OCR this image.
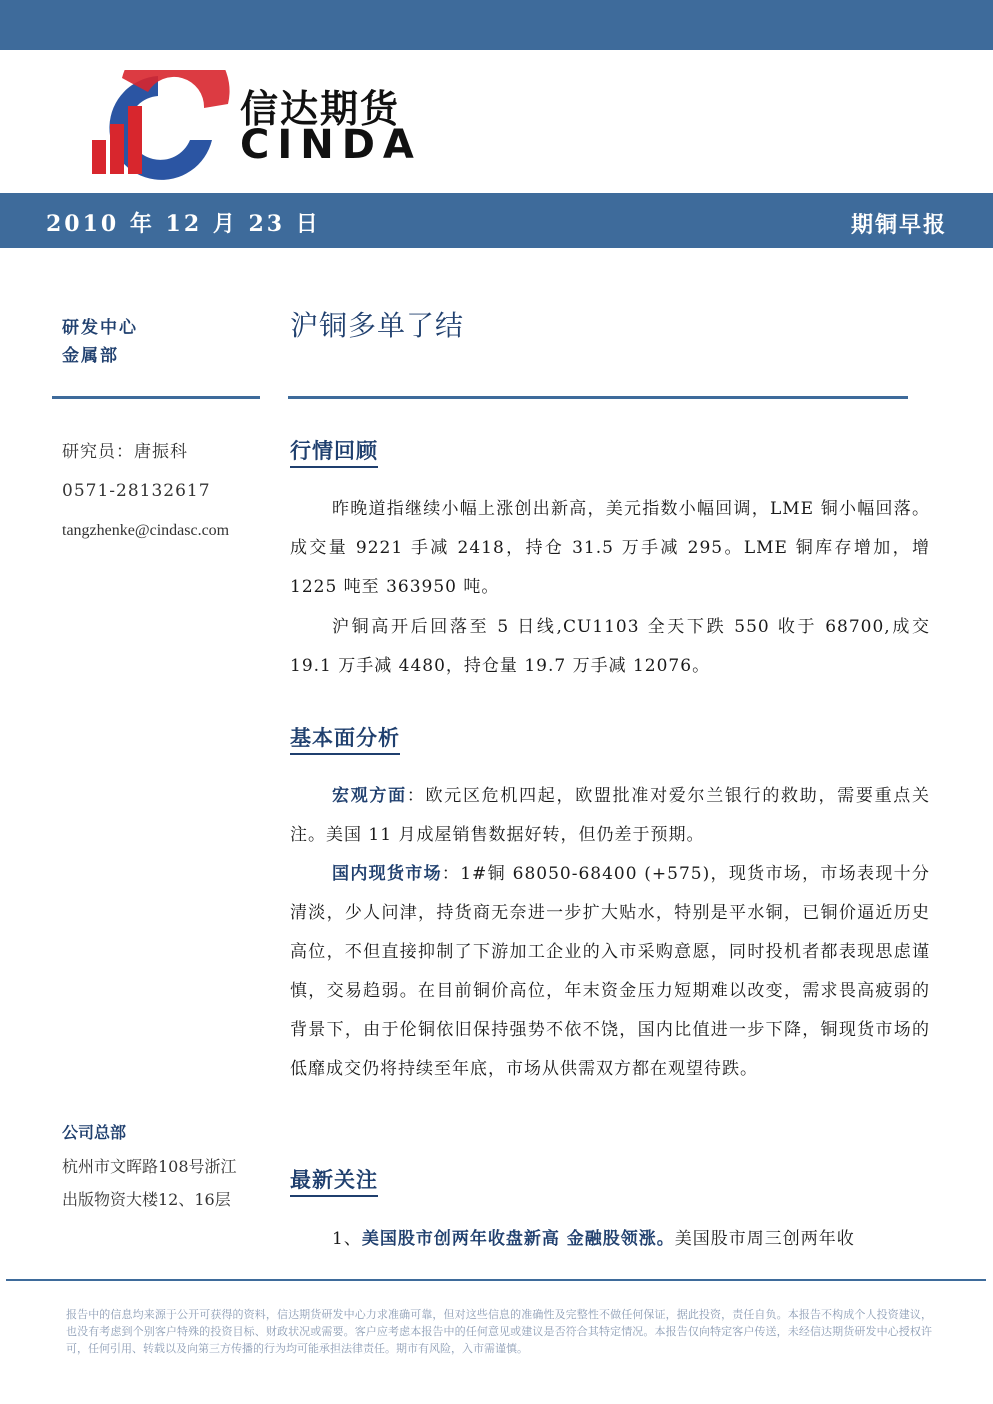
信达期货
CINDA
2010 年 12 月 23 日	期铜早报
研发中心
金属部
沪铜多单了结
研究员：唐振科
0571-28132617
tangzhenke@cindasc.com
公司总部
杭州市文晖路108号浙江
出版物资大楼12、16层
行情回顾
昨晚道指继续小幅上涨创出新高，美元指数小幅回调，LME 铜小幅回落。成交量 9221 手减 2418，持仓 31.5 万手减 295。LME 铜库存增加，增 1225 吨至 363950 吨。
沪铜高开后回落至 5 日线,CU1103 全天下跌 550 收于 68700,成交 19.1 万手减 4480，持仓量 19.7 万手减 12076。
基本面分析
宏观方面：欧元区危机四起，欧盟批准对爱尔兰银行的救助，需要重点关注。美国 11 月成屋销售数据好转，但仍差于预期。
国内现货市场：1#铜 68050-68400 (+575)，现货市场，市场表现十分清淡，少人问津，持货商无奈进一步扩大贴水，特别是平水铜，已铜价逼近历史高位，不但直接抑制了下游加工企业的入市采购意愿，同时投机者都表现思虑谨慎，交易趋弱。在目前铜价高位，年末资金压力短期难以改变，需求畏高疲弱的背景下，由于伦铜依旧保持强势不依不饶，国内比值进一步下降，铜现货市场的低靡成交仍将持续至年底，市场从供需双方都在观望待跌。
最新关注
1、美国股市创两年收盘新高 金融股领涨。美国股市周三创两年收
报告中的信息均来源于公开可获得的资料，信达期货研发中心力求准确可靠，但对这些信息的准确性及完整性不做任何保证，据此投资，责任自负。本报告不构成个人投资建议，也没有考虑到个别客户特殊的投资目标、财政状况或需要。客户应考虑本报告中的任何意见或建议是否符合其特定情况。本报告仅向特定客户传送，未经信达期货研发中心授权许可，任何引用、转载以及向第三方传播的行为均可能承担法律责任。期市有风险，入市需谨慎。
